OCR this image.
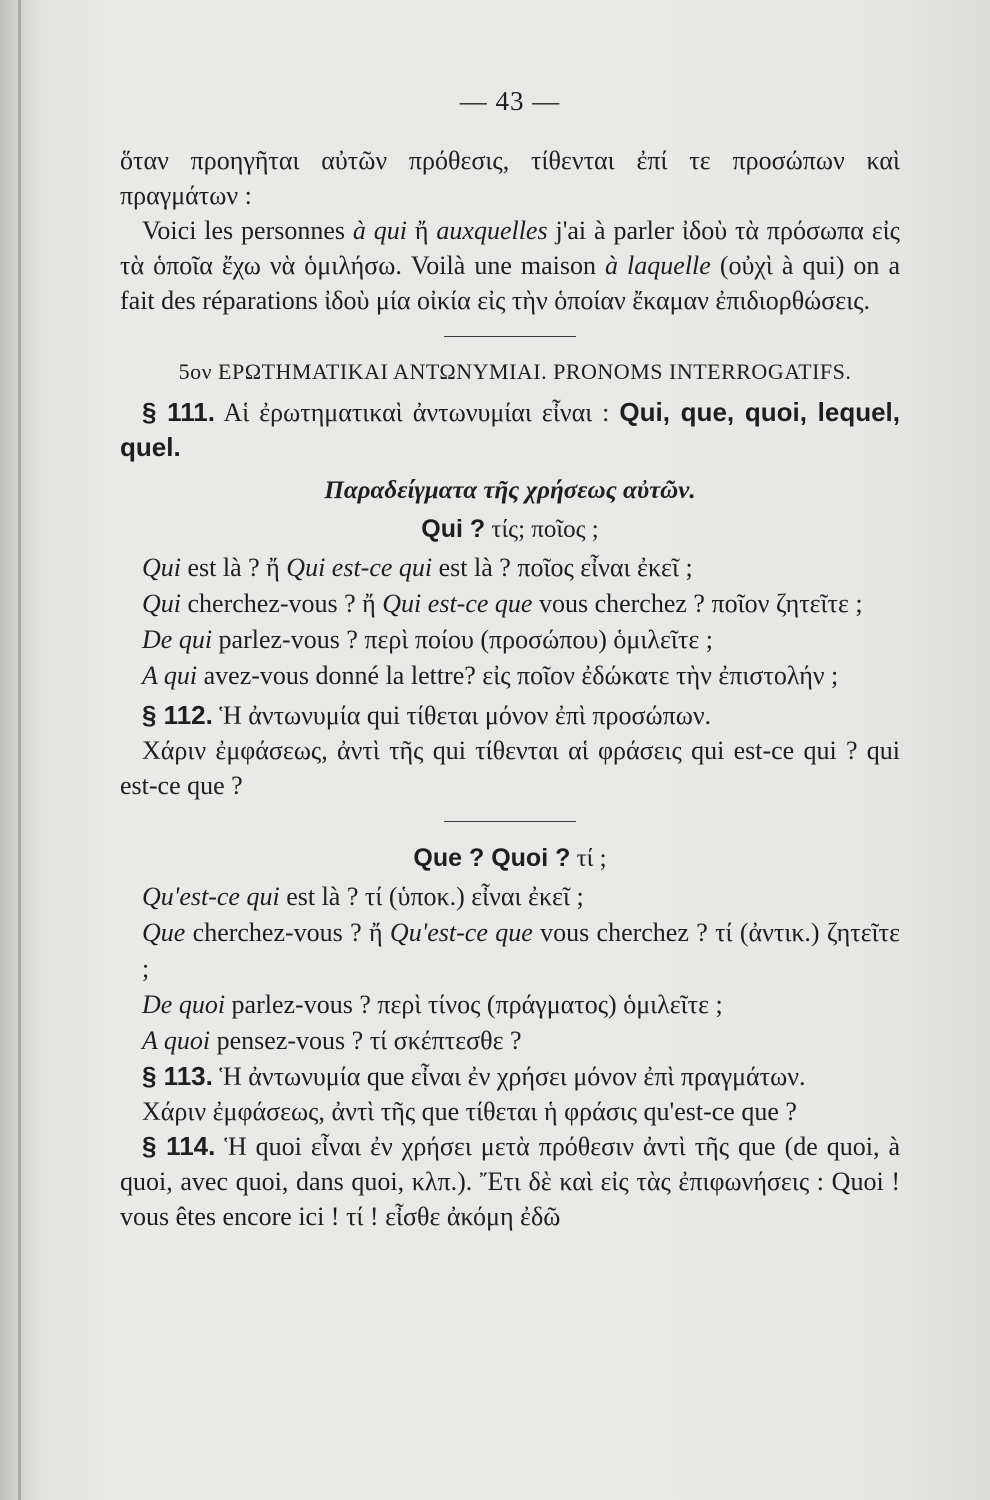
— 43 —

ὅταν προηγῆται αὐτῶν πρόθεσις, τίθενται ἐπί τε προσώπων καὶ πραγμάτων :

Voici les personnes à qui ἤ auxquelles j'ai à parler ἰδοὺ τὰ πρόσωπα εἰς τὰ ὁποῖα ἔχω νὰ ὁμιλήσω. Voilà une maison à laquelle (οὐχὶ à qui) on a fait des réparations ἰδοὺ μία οἰκία εἰς τὴν ὁποίαν ἔκαμαν ἐπιδιορθώσεις.

5ον ΕΡΩΤΗΜΑΤΙΚΑΙ ΑΝΤΩΝΥΜΙΑΙ. PRONOMS INTERROGATIFS.

§ 111. Αἱ ἐρωτηματικαὶ ἀντωνυμίαι εἶναι : Qui, que, quoi, lequel, quel.

Παραδείγματα τῆς χρήσεως αὐτῶν.
Qui ? τίς; ποῖος ;

Qui est là ? ἤ Qui est-ce qui est là ? ποῖος εἶναι ἐκεῖ ;

Qui cherchez-vous ? ἤ Qui est-ce que vous cherchez ? ποῖον ζητεῖτε ;

De qui parlez-vous ? περὶ ποίου (προσώπου) ὁμιλεῖτε ;

A qui avez-vous donné la lettre? εἰς ποῖον ἐδώκατε τὴν ἐπιστολήν ;

§ 112. Ἡ ἀντωνυμία qui τίθεται μόνον ἐπὶ προσώπων.

Χάριν ἐμφάσεως, ἀντὶ τῆς qui τίθενται αἱ φράσεις qui est-ce qui ? qui est-ce que ?

Que ? Quoi ? τί ;

Qu'est-ce qui est là ? τί (ὑποκ.) εἶναι ἐκεῖ ;

Que cherchez-vous ? ἤ Qu'est-ce que vous cherchez ? τί (ἀντικ.) ζητεῖτε ;

De quoi parlez-vous ? περὶ τίνος (πράγματος) ὁμιλεῖτε ;

A quoi pensez-vous ? τί σκέπτεσθε ?

§ 113. Ἡ ἀντωνυμία que εἶναι ἐν χρήσει μόνον ἐπὶ πραγμάτων.

Χάριν ἐμφάσεως, ἀντὶ τῆς que τίθεται ἡ φράσις qu'est-ce que ?

§ 114. Ἡ quoi εἶναι ἐν χρήσει μετὰ πρόθεσιν ἀντὶ τῆς que (de quoi, à quoi, avec quoi, dans quoi, κλπ.). Ἔτι δὲ καὶ εἰς τὰς ἐπιφωνήσεις : Quoi ! vous êtes encore ici ! τί ! εἶσθε ἀκόμη ἐδῶ
